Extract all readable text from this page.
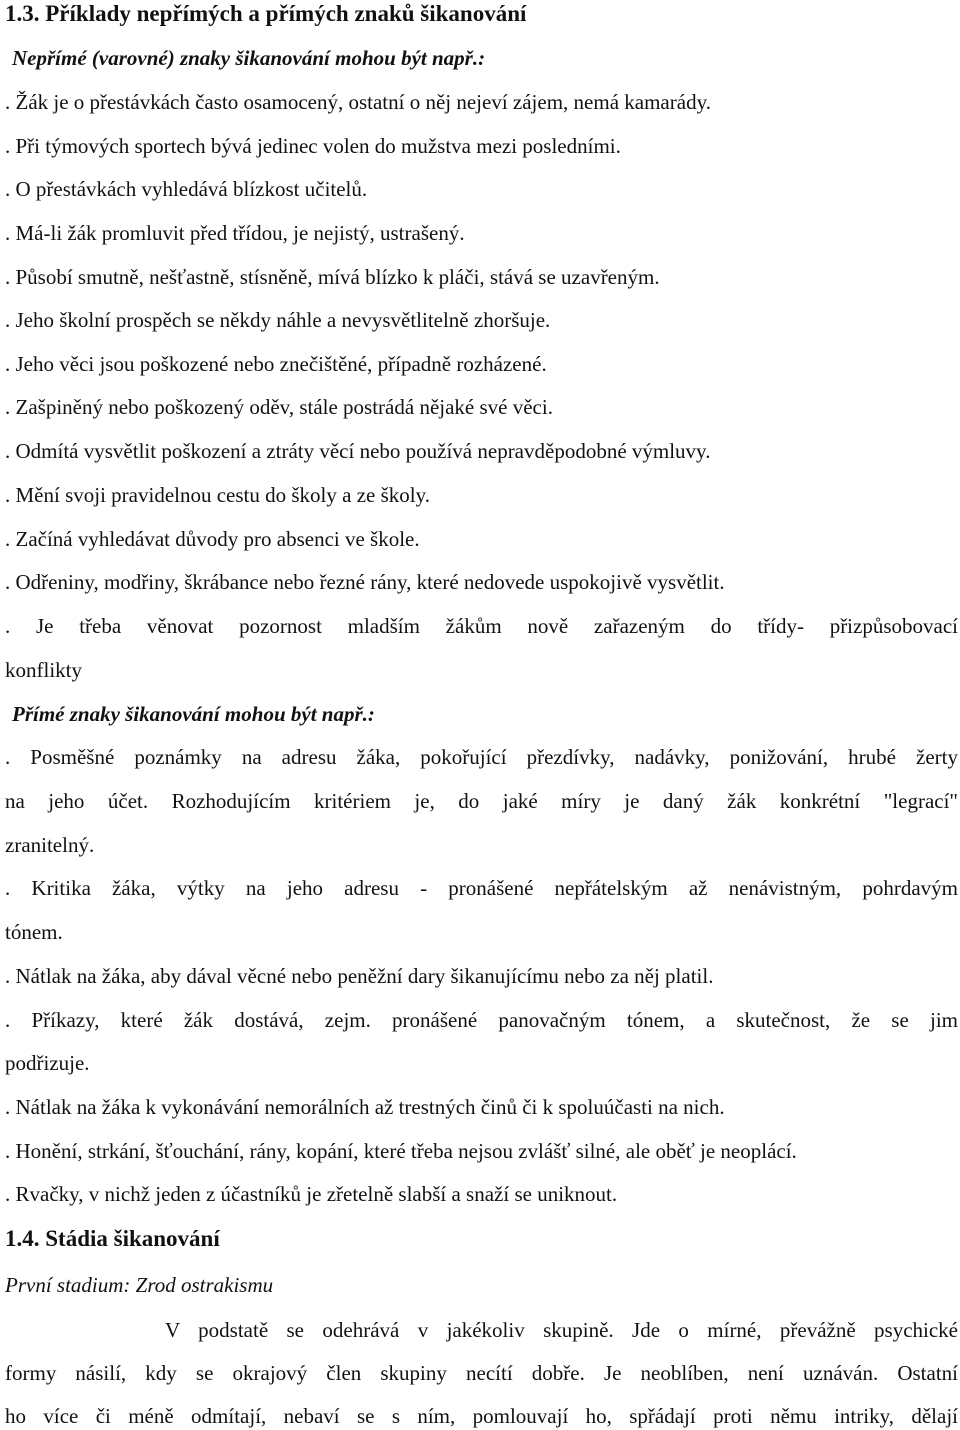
1.3. Příklady nepřímých a přímých znaků šikanování
Nepřímé (varovné) znaky šikanování mohou být např.:
. Žák je o přestávkách často osamocený, ostatní o něj nejeví zájem, nemá kamarády.
. Při týmových sportech bývá jedinec volen do mužstva mezi posledními.
. O přestávkách vyhledává blízkost učitelů.
. Má-li žák promluvit před třídou, je nejistý, ustrašený.
. Působí smutně, nešťastně, stísněně, mívá blízko k pláči, stává se uzavřeným.
. Jeho školní prospěch se někdy náhle a nevysvětlitelně zhoršuje.
. Jeho věci jsou poškozené nebo znečištěné, případně rozházené.
. Zašpiněný nebo poškozený oděv, stále postrádá nějaké své věci.
. Odmítá vysvětlit poškození a ztráty věcí nebo používá nepravděpodobné výmluvy.
. Mění svoji pravidelnou cestu do školy a ze školy.
. Začíná vyhledávat důvody pro absenci ve škole.
. Odřeniny, modřiny, škrábance nebo řezné rány, které nedovede uspokojivě vysvětlit.
. Je třeba věnovat pozornost mladším žákům nově zařazeným do třídy- přizpůsobovací
konflikty
Přímé znaky šikanování mohou být např.:
. Posměšné poznámky na adresu žáka, pokořující přezdívky, nadávky, ponižování, hrubé žerty
na jeho účet. Rozhodujícím kritériem je, do jaké míry je daný žák konkrétní "legrací"
zranitelný.
. Kritika žáka, výtky na jeho adresu - pronášené nepřátelským až nenávistným, pohrdavým
tónem.
. Nátlak na žáka, aby dával věcné nebo peněžní dary šikanujícímu nebo za něj platil.
. Příkazy, které žák dostává, zejm. pronášené panovačným tónem, a skutečnost, že se jim
podřizuje.
. Nátlak na žáka k vykonávání nemorálních až trestných činů či k spoluúčasti na nich.
. Honění, strkání, šťouchání, rány, kopání, které třeba nejsou zvlášť silné, ale oběť je neoplácí.
. Rvačky, v nichž jeden z účastníků je zřetelně slabší a snaží se uniknout.
1.4. Stádia šikanování
První stadium: Zrod ostrakismu
V podstatě se odehrává v jakékoliv skupině. Jde o mírné, převážně psychické
formy násilí, kdy se okrajový člen skupiny necítí dobře. Je neoblíben, není uznáván. Ostatní
ho více či méně odmítají, nebaví se s ním, pomlouvají ho, spřádají proti němu intriky, dělají
